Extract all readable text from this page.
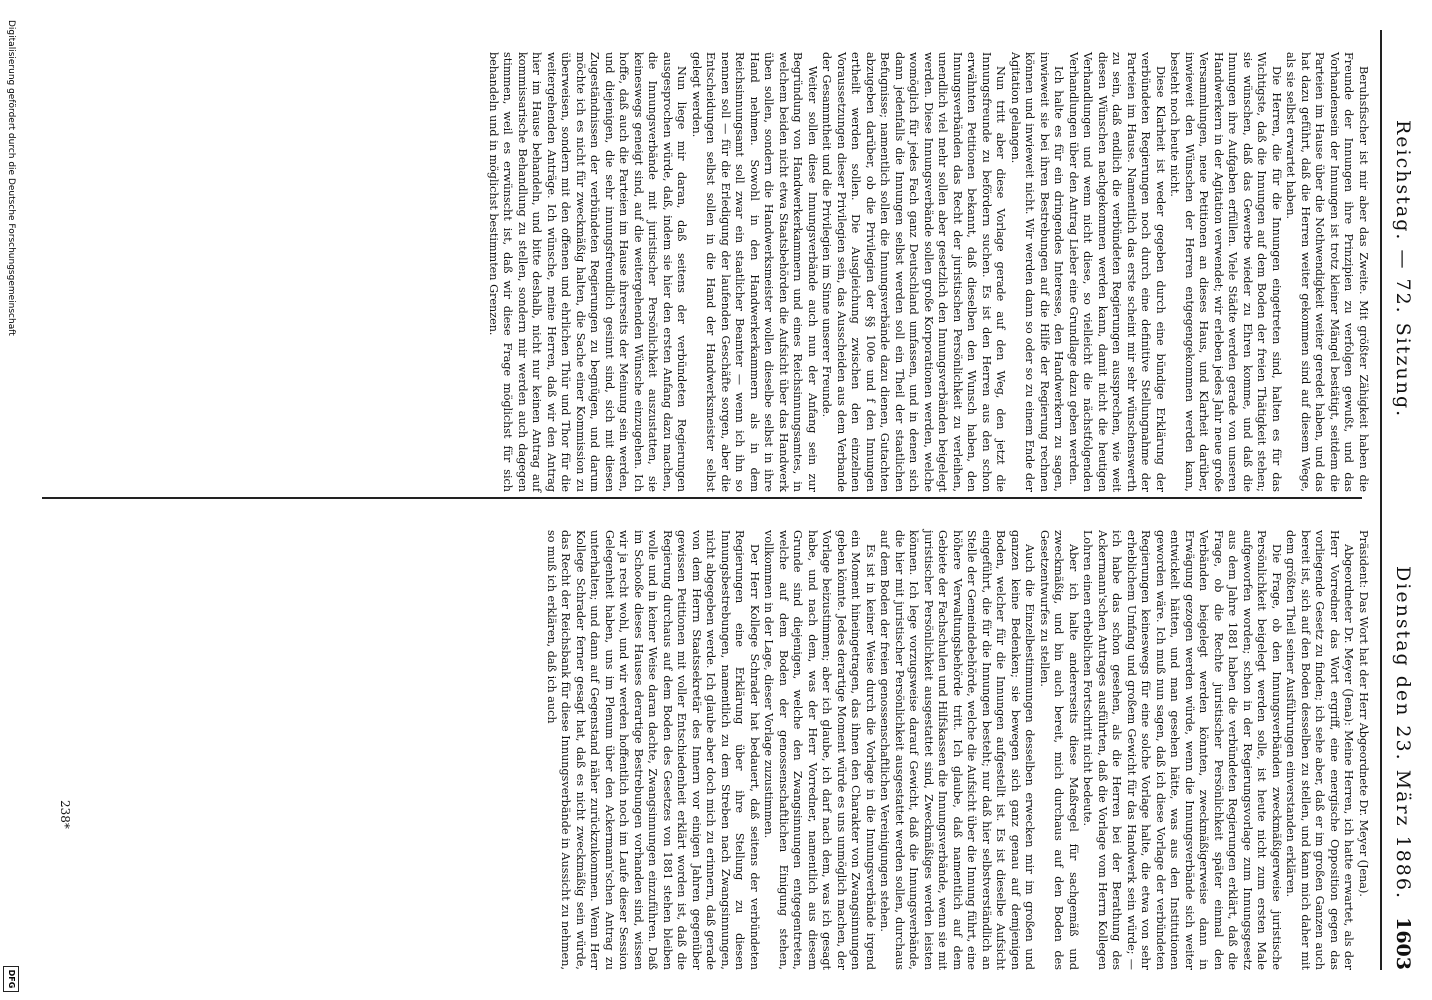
Reichstag. — 72. Sitzung.
Dienstag den 23. März 1886.
1603

Beruhsfischer ist mir aber das Zweite. Mit größter Zähigkeit haben die Freunde der Innungen ihre Prinzipien zu verfolgen gewußt, und das Vorhandensein der Innungen ist trotz kleiner Mängel bestätigt, seitdem die Parteien im Hause über die Nothwendigkeit weiter geredet haben, und das hat dazu geführt, daß die Herren weiter gekommen sind auf diesem Wege, als sie selbst erwartet haben.

Die Herren, die für die Innungen eingetreten sind, halten es für das Wichtigste, daß die Innungen auf dem Boden der freien Thätigkeit stehen; sie wünschen, daß das Gewerbe wieder zu Ehren komme, und daß die Innungen ihre Aufgaben erfüllen. Viele Städte werden gerade von unseren Handwerkern in der Agitation verwendet; wir erleben jedes Jahr neue große Versammlungen, neue Petitionen an dieses Haus, und Klarheit darüber, inwieweit den Wünschen der Herren entgegengekommen werden kann, besteht noch heute nicht.

Diese Klarheit ist weder gegeben durch eine bündige Erklärung der verbündeten Regierungen noch durch eine definitive Stellungnahme der Parteien im Hause. Namentlich das erste scheint mir sehr wünschenswerth zu sein, daß endlich die verbündeten Regierungen aussprechen, wie weit diesen Wünschen nachgekommen werden kann, damit nicht die heutigen Verhandlungen und wenn nicht diese, so vielleicht die nächstfolgenden Verhandlungen über den Antrag Lieber eine Grundlage dazu geben werden.

Ich halte es für ein dringendes Interesse, den Handwerkern zu sagen, inwieweit sie bei ihren Bestrebungen auf die Hilfe der Regierung rechnen können und inwieweit nicht. Wir werden dann so oder so zu einem Ende der Agitation gelangen.

Nun tritt aber diese Vorlage gerade auf den Weg, den jetzt die Innungsfreunde zu befördern suchen. Es ist den Herren aus den schon erwähnten Petitionen bekannt, daß dieselben den Wunsch haben, den Innungsverbänden das Recht der juristischen Persönlichkeit zu verleihen, unendlich viel mehr sollen aber gesetzlich den Innungsverbänden beigelegt werden. Diese Innungsverbände sollen große Korporationen werden, welche womöglich für jedes Fach ganz Deutschland umfassen, und in denen sich dann jedenfalls die Innungen selbst werden soll ein Theil der staatlichen Befugnisse; namentlich sollen die Innungsverbände dazu dienen, Gutachten abzugeben darüber, ob die Privilegien der §§ 100e und f den Innungen ertheilt werden sollen. Die Ausgleichung zwischen den einzelnen Voraussetzungen dieser Privilegien sein, das Ausscheiden aus dem Verbande der Gesammtheit und die Privilegien im Sinne unserer Freunde.

Weiter sollen diese Innungsverbände auch nun der Anfang sein zur Begründung von Handwerkerkammern und eines Reichsinnungsamtes, in welchem beiden nicht etwa Staatsbehörden die Aufsicht über das Handwerk üben sollen, sondern die Handwerksmeister wollen dieselbe selbst in ihre Hand nehmen. Sowohl in den Handwerkerkammern als in dem Reichsinnungsamt soll zwar ein staatlicher Beamter — wenn ich ihn so nennen soll — für die Erledigung der laufenden Geschäfte sorgen, aber die Entscheidungen selbst sollen in die Hand der Handwerksmeister selbst gelegt werden.

Nun liege mir daran, daß seitens der verbündeten Regierungen ausgesprochen würde, daß, indem sie hier den ersten Anfang dazu machen, die Innungsverbände mit juristischer Persönlichkeit auszustatten, sie keineswegs geneigt sind, auf die weitergehenden Wünsche einzugehen. Ich hoffe, daß auch die Parteien im Hause ihrerseits der Meinung sein werden, und diejenigen, die sehr innungsfreundlich gesinnt sind, sich mit diesen Zugeständnissen der verbündeten Regierungen zu begnügen, und darum möchte ich es nicht für zweckmäßig halten, die Sache einer Kommission zu überweisen, sondern mit den offenen und ehrlichen Thür und Thor für die weitergehenden Anträge. Ich wünsche, meine Herren, daß wir den Antrag hier im Hause behandeln, und bitte deshalb, nicht nur keinen Antrag auf kommissarische Behandlung zu stellen, sondern mir werden auch dagegen stimmen, weil es erwünscht ist, daß wir diese Frage möglichst für sich behandeln und in möglichst bestimmten Grenzen.

Präsident: Das Wort hat der Herr Abgeordnete Dr. Meyer (Jena).

Abgeordneter Dr. Meyer (Jena): Meine Herren, ich hatte erwartet, als der Herr Vorredner das Wort ergriff, eine energische Opposition gegen das vorliegende Gesetz zu finden; ich sehe aber, daß er im großen Ganzen auch bereit ist, sich auf den Boden desselben zu stellen, und kann mich daher mit dem größten Theil seiner Ausführungen einverstanden erklären.

Die Frage, ob den Innungsverbänden zweckmäßigerweise juristische Persönlichkeit beigelegt werden solle, ist heute nicht zum ersten Male aufgeworfen worden; schon in der Regierungsvorlage zum Innungsgesetz aus dem Jahre 1881 haben die verbündeten Regierungen erklärt, daß die Frage, ob die Rechte juristischer Persönlichkeit später einmal den Verbänden beigelegt werden könnten, zweckmäßigerweise dann in Erwägung gezogen werden würde, wenn die Innungsverbände sich weiter entwickelt hätten, und man gesehen hätte, was aus den Institutionen geworden wäre. Ich muß nun sagen, daß ich diese Vorlage der verbündeten Regierungen keineswegs für eine solche Vorlage halte, die etwa von sehr erheblichem Umfang und großem Gewicht für das Handwerk sein würde; — ich habe das schon gesehen, als die Herren bei der Berathung des Ackermann'schen Antrages ausführten, daß die Vorlage vom Herrn Kollegen Lohren einen erheblichen Fortschritt nicht bedeute.

Aber ich halte andererseits diese Maßregel für sachgemäß und zweckmäßig, und bin auch bereit, mich durchaus auf den Boden des Gesetzentwurfes zu stellen.

Auch die Einzelbestimmungen desselben erwecken mir im großen und ganzen keine Bedenken; sie bewegen sich ganz genau auf demjenigen Boden, welcher für die Innungen aufgestellt ist. Es ist dieselbe Aufsicht eingeführt, die für die Innungen besteht; nur daß hier selbstverständlich an Stelle der Gemeindebehörde, welche die Aufsicht über die Innung führt, eine höhere Verwaltungsbehörde tritt. Ich glaube, daß namentlich auf dem Gebiete der Fachschulen und Hilfskassen die Innungsverbände, wenn sie mit juristischer Persönlichkeit ausgestattet sind, Zweckmäßiges werden leisten können. Ich lege vorzugsweise darauf Gewicht, daß die Innungsverbände, die hier mit juristischer Persönlichkeit ausgestattet werden sollen, durchaus auf dem Boden der freien genossenschaftlichen Vereinigungen stehen.

Es ist in keiner Weise durch die Vorlage in die Innungsverbände irgend ein Moment hineingetragen, das ihnen den Charakter von Zwangsinnungen geben könnte. Jedes derartige Moment würde es uns unmöglich machen, der Vorlage beizustimmen; aber ich glaube, ich darf nach dem, was ich gesagt habe, und nach dem, was der Herr Vorredner, namentlich aus diesem Grunde sind diejenigen, welche den Zwangsinnungen entgegentreten, welche auf dem Boden der genossenschaftlichen Einigung stehen, vollkommen in der Lage, dieser Vorlage zuzustimmen.

Der Herr Kollege Schrader hat bedauert, daß seitens der verbündeten Regierungen eine Erklärung über ihre Stellung zu diesen Innungsbestrebungen, namentlich zu dem Streben nach Zwangsinnungen, nicht abgegeben werde. Ich glaube aber doch mich zu erinnern, daß gerade von dem Herrn Staatssekretär des Innern vor einigen Jahren gegenüber gewissen Petitionen mit voller Entschiedenheit erklärt worden ist, daß die Regierung durchaus auf dem Boden des Gesetzes von 1881 stehen bleiben wolle und in keiner Weise daran dachte, Zwangsinnungen einzuführen. Daß im Schooße dieses Hauses derartige Bestrebungen vorhanden sind, wissen wir ja recht wohl, und wir werden hoffentlich noch im Laufe dieser Session Gelegenheit haben, uns im Plenum über den Ackermann'schen Antrag zu unterhalten; und dann auf Gegenstand näher zurückzukommen. Wenn Herr Kollege Schrader ferner gesagt hat, daß es nicht zweckmäßig sein würde, das Recht der Reichsbank für diese Innungsverbände in Aussicht zu nehmen, so muß ich erklären, daß ich auch

238*
Digitalisierung gefördert durch die Deutsche Forschungsgemeinschaft
DFG
